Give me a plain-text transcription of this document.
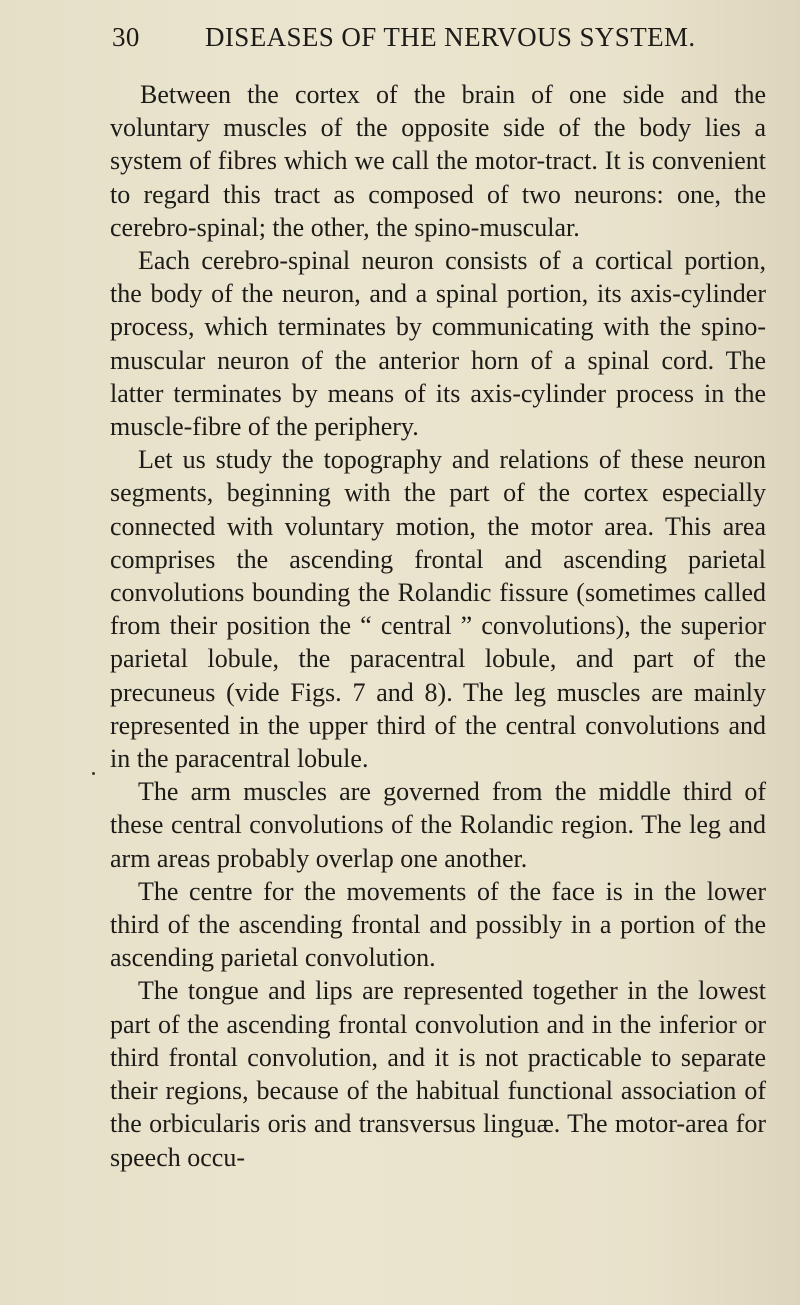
30 DISEASES OF THE NERVOUS SYSTEM.

Between the cortex of the brain of one side and the voluntary muscles of the opposite side of the body lies a system of fibres which we call the motor-tract. It is convenient to regard this tract as composed of two neurons: one, the cerebro-spinal; the other, the spino-muscular.

Each cerebro-spinal neuron consists of a cortical portion, the body of the neuron, and a spinal portion, its axis-cylinder process, which terminates by communicating with the spino-muscular neuron of the anterior horn of a spinal cord. The latter terminates by means of its axis-cylinder process in the muscle-fibre of the periphery.

Let us study the topography and relations of these neuron segments, beginning with the part of the cortex especially connected with voluntary motion, the motor area. This area comprises the ascending frontal and ascending parietal convolutions bounding the Rolandic fissure (sometimes called from their position the “ central ” convolutions), the superior parietal lobule, the paracentral lobule, and part of the precuneus (vide Figs. 7 and 8). The leg muscles are mainly represented in the upper third of the central convolutions and in the paracentral lobule.

The arm muscles are governed from the middle third of these central convolutions of the Rolandic region. The leg and arm areas probably overlap one another.

The centre for the movements of the face is in the lower third of the ascending frontal and possibly in a portion of the ascending parietal convolution.

The tongue and lips are represented together in the lowest part of the ascending frontal convolution and in the inferior or third frontal convolution, and it is not practicable to separate their regions, because of the habitual functional association of the orbicularis oris and transversus linguæ. The motor-area for speech occu-
